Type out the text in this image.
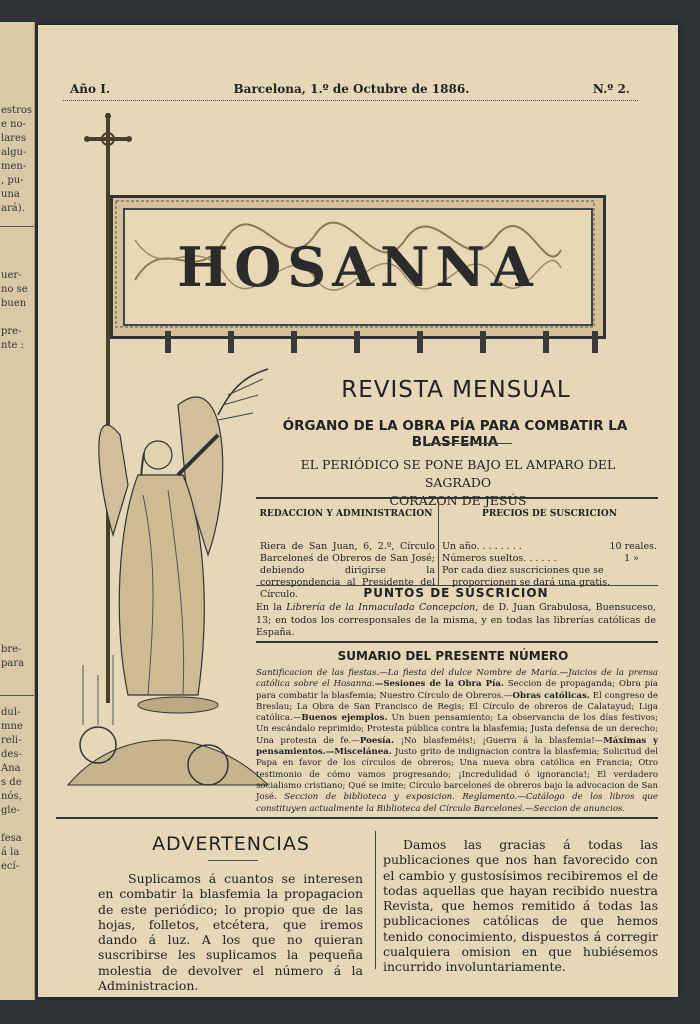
estros
e no-
lares
algu-
men-
, pu-
una
ará).
uer-
no se
buen

pre-
nte :
bre-
para
dul-
mne
reli-
des-
Ana
s de
nós,
gle-

fesa
á la
ecí-
Año I.	Barcelona, 1.º de Octubre de 1886.	N.º 2.
HOSANNA
REVISTA MENSUAL
ÓRGANO DE LA OBRA PÍA PARA COMBATIR LA BLASFEMIA
EL PERIÓDICO SE PONE BAJO EL AMPARO DEL SAGRADO
CORAZON DE JESÚS
REDACCION Y ADMINISTRACION
Riera de San Juan, 6, 2.º, Círculo Barceloneś de Obreros de San José; debiendo dirigirse la correspondencia al Presidente del Círculo.
PRECIOS DE SUSCRICION
Un año. . . . . . . .	10 reales.
Números sueltos. . . . . .	1 »
Por cada diez suscriciones que se proporcionen se dará una gratis.
PUNTOS DE SUSCRICION
En la Librería de la Inmaculada Concepcion, de D. Juan Grabulosa, Buensuceso, 13; en todos los corresponsales de la misma, y en todas las librerías católicas de España.
SUMARIO DEL PRESENTE NÚMERO
Santificacion de las fiestas.—La fiesta del dulce Nombre de María.—Juicios de la prensa católica sobre el Hosanna.—Sesiones de la Obra Pía. Seccion de propaganda; Obra pía para combatir la blasfemia; Nuestro Círculo de Obreros.—Obras católicas. El congreso de Breslau; La Obra de San Francisco de Regis; El Círculo de obreros de Calatayud; Liga católica.—Buenos ejemplos. Un buen pensamiento; La observancia de los días festivos; Un escándalo reprimido; Protesta pública contra la blasfemia; Justa defensa de un derecho; Una protesta de fe.—Poesía. ¡No blasfeméis!; ¡Guerra á la blasfemia!—Máximas y pensamientos.—Miscelánea. Justo grito de indignacion contra la blasfemia; Solicitud del Papa en favor de los círculos de obreros; Una nueva obra católica en Francia; Otro testimonio de cómo vamos progresando; ¡Incredulidad ó ignorancia!; El verdadero socialismo cristiano; Qué se imite; Círculo barceloneś de obreros bajo la advocacion de San José. Seccion de biblioteca y exposicion. Reglamento.—Catálogo de los libros que constituyen actualmente la Biblioteca del Círculo Barceloneś.—Seccion de anuncios.
ADVERTENCIAS
Suplicamos á cuantos se interesen en combatir la blasfemia la propagacion de este periódico; lo propio que de las hojas, folletos, etcétera, que iremos dando á luz. A los que no quieran suscribirse les suplicamos la pequeña molestia de devolver el número á la Administracion.
Damos las gracias á todas las publicaciones que nos han favorecido con el cambio y gustosísimos recibiremos el de todas aquellas que hayan recibido nuestra Revista, que hemos remitido á todas las publicaciones católicas de que hemos tenido conocimiento, dispuestos á corregir cualquiera omision en que hubiésemos incurrido involuntariamente.
